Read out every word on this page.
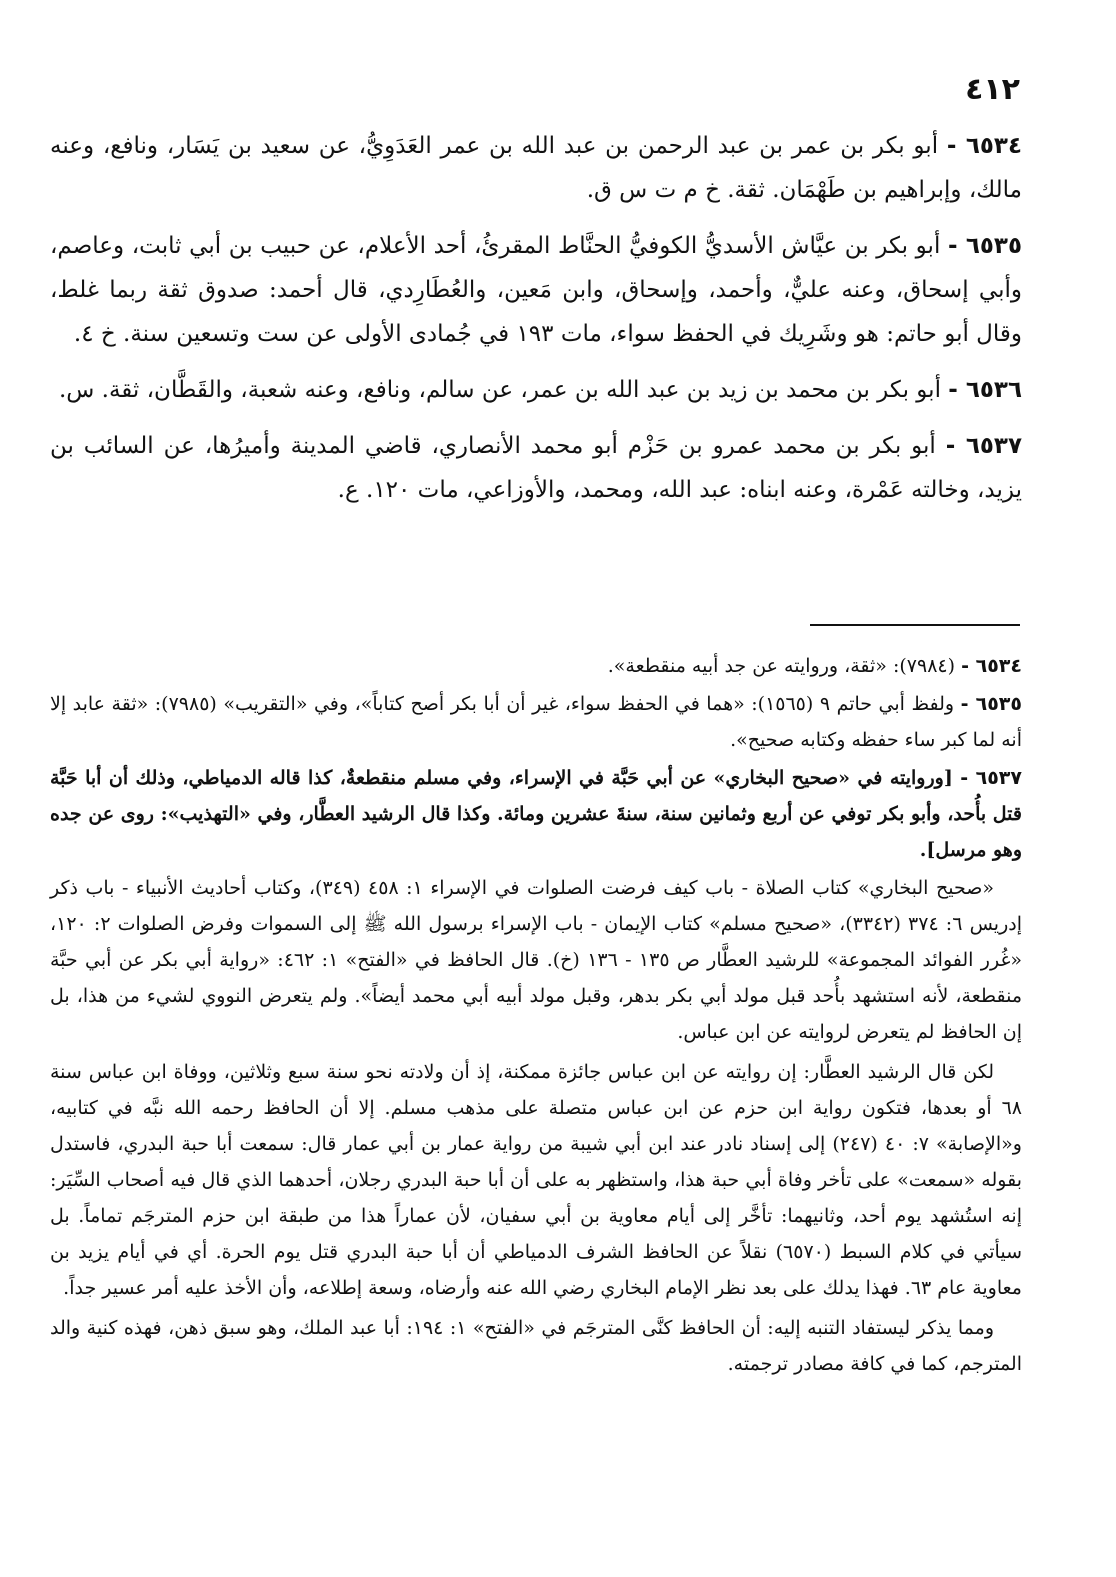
٤١٢

٦٥٣٤ - أبو بكر بن عمر بن عبد الرحمن بن عبد الله بن عمر العَدَوِيُّ، عن سعيد بن يَسَار، ونافع، وعنه مالك، وإبراهيم بن طَهْمَان. ثقة. خ م ت س ق.

٦٥٣٥ - أبو بكر بن عيَّاش الأسديُّ الكوفيُّ الحنَّاط المقرئُ، أحد الأعلام، عن حبيب بن أبي ثابت، وعاصم، وأبي إسحاق، وعنه عليٌّ، وأحمد، وإسحاق، وابن مَعين، والعُطَارِدي، قال أحمد: صدوق ثقة ربما غلط، وقال أبو حاتم: هو وشَرِيك في الحفظ سواء، مات ١٩٣ في جُمادى الأولى عن ست وتسعين سنة. خ ٤.

٦٥٣٦ - أبو بكر بن محمد بن زيد بن عبد الله بن عمر، عن سالم، ونافع، وعنه شعبة، والقَطَّان، ثقة. س.

٦٥٣٧ - أبو بكر بن محمد عمرو بن حَزْم أبو محمد الأنصاري، قاضي المدينة وأميرُها، عن السائب بن يزيد، وخالته عَمْرة، وعنه ابناه: عبد الله، ومحمد، والأوزاعي، مات ١٢٠. ع.

٦٥٣٤ - (٧٩٨٤): «ثقة، وروايته عن جد أبيه منقطعة».

٦٥٣٥ - ولفظ أبي حاتم ٩ (١٥٦٥): «هما في الحفظ سواء، غير أن أبا بكر أصح كتاباً»، وفي «التقريب» (٧٩٨٥): «ثقة عابد إلا أنه لما كبر ساء حفظه وكتابه صحيح».

٦٥٣٧ - [وروايته في «صحيح البخاري» عن أبي حَبَّة في الإسراء، وفي مسلم منقطعةٌ، كذا قاله الدمياطي، وذلك أن أبا حَبَّة قتل بأُحد، وأبو بكر توفي عن أربع وثمانين سنة، سنةَ عشرين ومائة. وكذا قال الرشيد العطَّار، وفي «التهذيب»: روى عن جده وهو مرسل].

«صحيح البخاري» كتاب الصلاة - باب كيف فرضت الصلوات في الإسراء ١: ٤٥٨ (٣٤٩)، وكتاب أحاديث الأنبياء - باب ذكر إدريس ٦: ٣٧٤ (٣٣٤٢)، «صحيح مسلم» كتاب الإيمان - باب الإسراء برسول الله ﷺ إلى السموات وفرض الصلوات ٢: ١٢٠، «غُرر الفوائد المجموعة» للرشيد العطَّار ص ١٣٥ - ١٣٦ (خ). قال الحافظ في «الفتح» ١: ٤٦٢: «رواية أبي بكر عن أبي حبَّة منقطعة، لأنه استشهد بأُحد قبل مولد أبي بكر بدهر، وقبل مولد أبيه أبي محمد أيضاً». ولم يتعرض النووي لشيء من هذا، بل إن الحافظ لم يتعرض لروايته عن ابن عباس.

لكن قال الرشيد العطَّار: إن روايته عن ابن عباس جائزة ممكنة، إذ أن ولادته نحو سنة سبع وثلاثين، ووفاة ابن عباس سنة ٦٨ أو بعدها، فتكون رواية ابن حزم عن ابن عباس متصلة على مذهب مسلم. إلا أن الحافظ رحمه الله نبَّه في كتابيه، و«الإصابة» ٧: ٤٠ (٢٤٧) إلى إسناد نادر عند ابن أبي شيبة من رواية عمار بن أبي عمار قال: سمعت أبا حبة البدري، فاستدل بقوله «سمعت» على تأخر وفاة أبي حبة هذا، واستظهر به على أن أبا حبة البدري رجلان، أحدهما الذي قال فيه أصحاب السِّيَر: إنه استُشهد يوم أحد، وثانيهما: تأخَّر إلى أيام معاوية بن أبي سفيان، لأن عماراً هذا من طبقة ابن حزم المترجَم تماماً. بل سيأتي في كلام السبط (٦٥٧٠) نقلاً عن الحافظ الشرف الدمياطي أن أبا حبة البدري قتل يوم الحرة. أي في أيام يزيد بن معاوية عام ٦٣. فهذا يدلك على بعد نظر الإمام البخاري رضي الله عنه وأرضاه، وسعة إطلاعه، وأن الأخذ عليه أمر عسير جداً.

ومما يذكر ليستفاد التنبه إليه: أن الحافظ كنَّى المترجَم في «الفتح» ١: ١٩٤: أبا عبد الملك، وهو سبق ذهن، فهذه كنية والد المترجم، كما في كافة مصادر ترجمته.
